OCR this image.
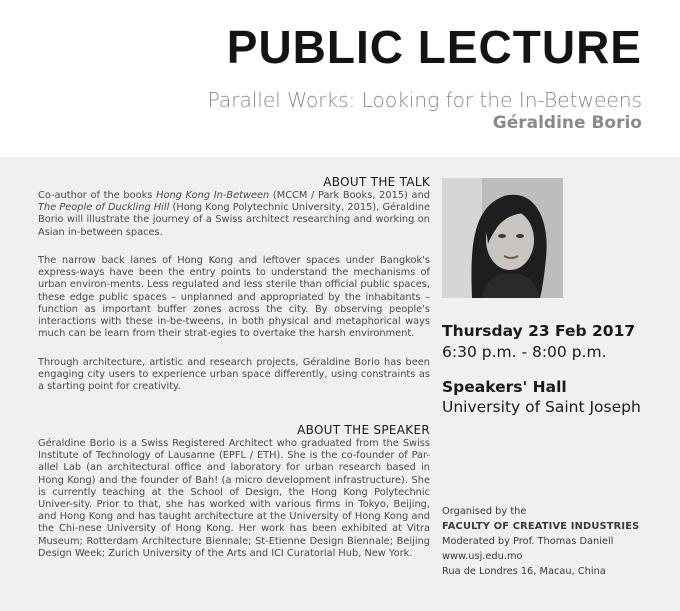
PUBLIC LECTURE
Parallel Works: Looking for the In-Betweens
Géraldine Borio
ABOUT THE TALK
Co-author of the books Hong Kong In-Between (MCCM / Park Books, 2015) and The People of Duckling Hill (Hong Kong Polytechnic University, 2015), Géraldine Borio will illustrate the journey of a Swiss architect researching and working on Asian in-between spaces.
The narrow back lanes of Hong Kong and leftover spaces under Bangkok's express-ways have been the entry points to understand the mechanisms of urban environ-ments. Less regulated and less sterile than official public spaces, these edge public spaces – unplanned and appropriated by the inhabitants – function as important buffer zones across the city. By observing people's interactions with these in-be-tweens, in both physical and metaphorical ways much can be learn from their strat-egies to overtake the harsh environment.
Through architecture, artistic and research projects, Géraldine Borio has been engaging city users to experience urban space differently, using constraints as a starting point for creativity.
ABOUT THE SPEAKER
Géraldine Borio is a Swiss Registered Architect who graduated from the Swiss Institute of Technology of Lausanne (EPFL / ETH). She is the co-founder of Par-allel Lab (an architectural office and laboratory for urban research based in Hong Kong) and the founder of Bah! (a micro development infrastructure). She is currently teaching at the School of Design, the Hong Kong Polytechnic Univer-sity. Prior to that, she has worked with various firms in Tokyo, Beijing, and Hong Kong and has taught architecture at the University of Hong Kong and the Chi-nese University of Hong Kong. Her work has been exhibited at Vitra Museum; Rotterdam Architecture Biennale; St-Etienne Design Biennale; Beijing Design Week; Zurich University of the Arts and ICI Curatorial Hub, New York.
Thursday 23 Feb 2017
6:30 p.m. - 8:00 p.m.
Speakers' Hall
University of Saint Joseph
Organised by the
FACULTY OF CREATIVE INDUSTRIES
Moderated by Prof. Thomas Daniell
www.usj.edu.mo
Rua de Londres 16, Macau, China
